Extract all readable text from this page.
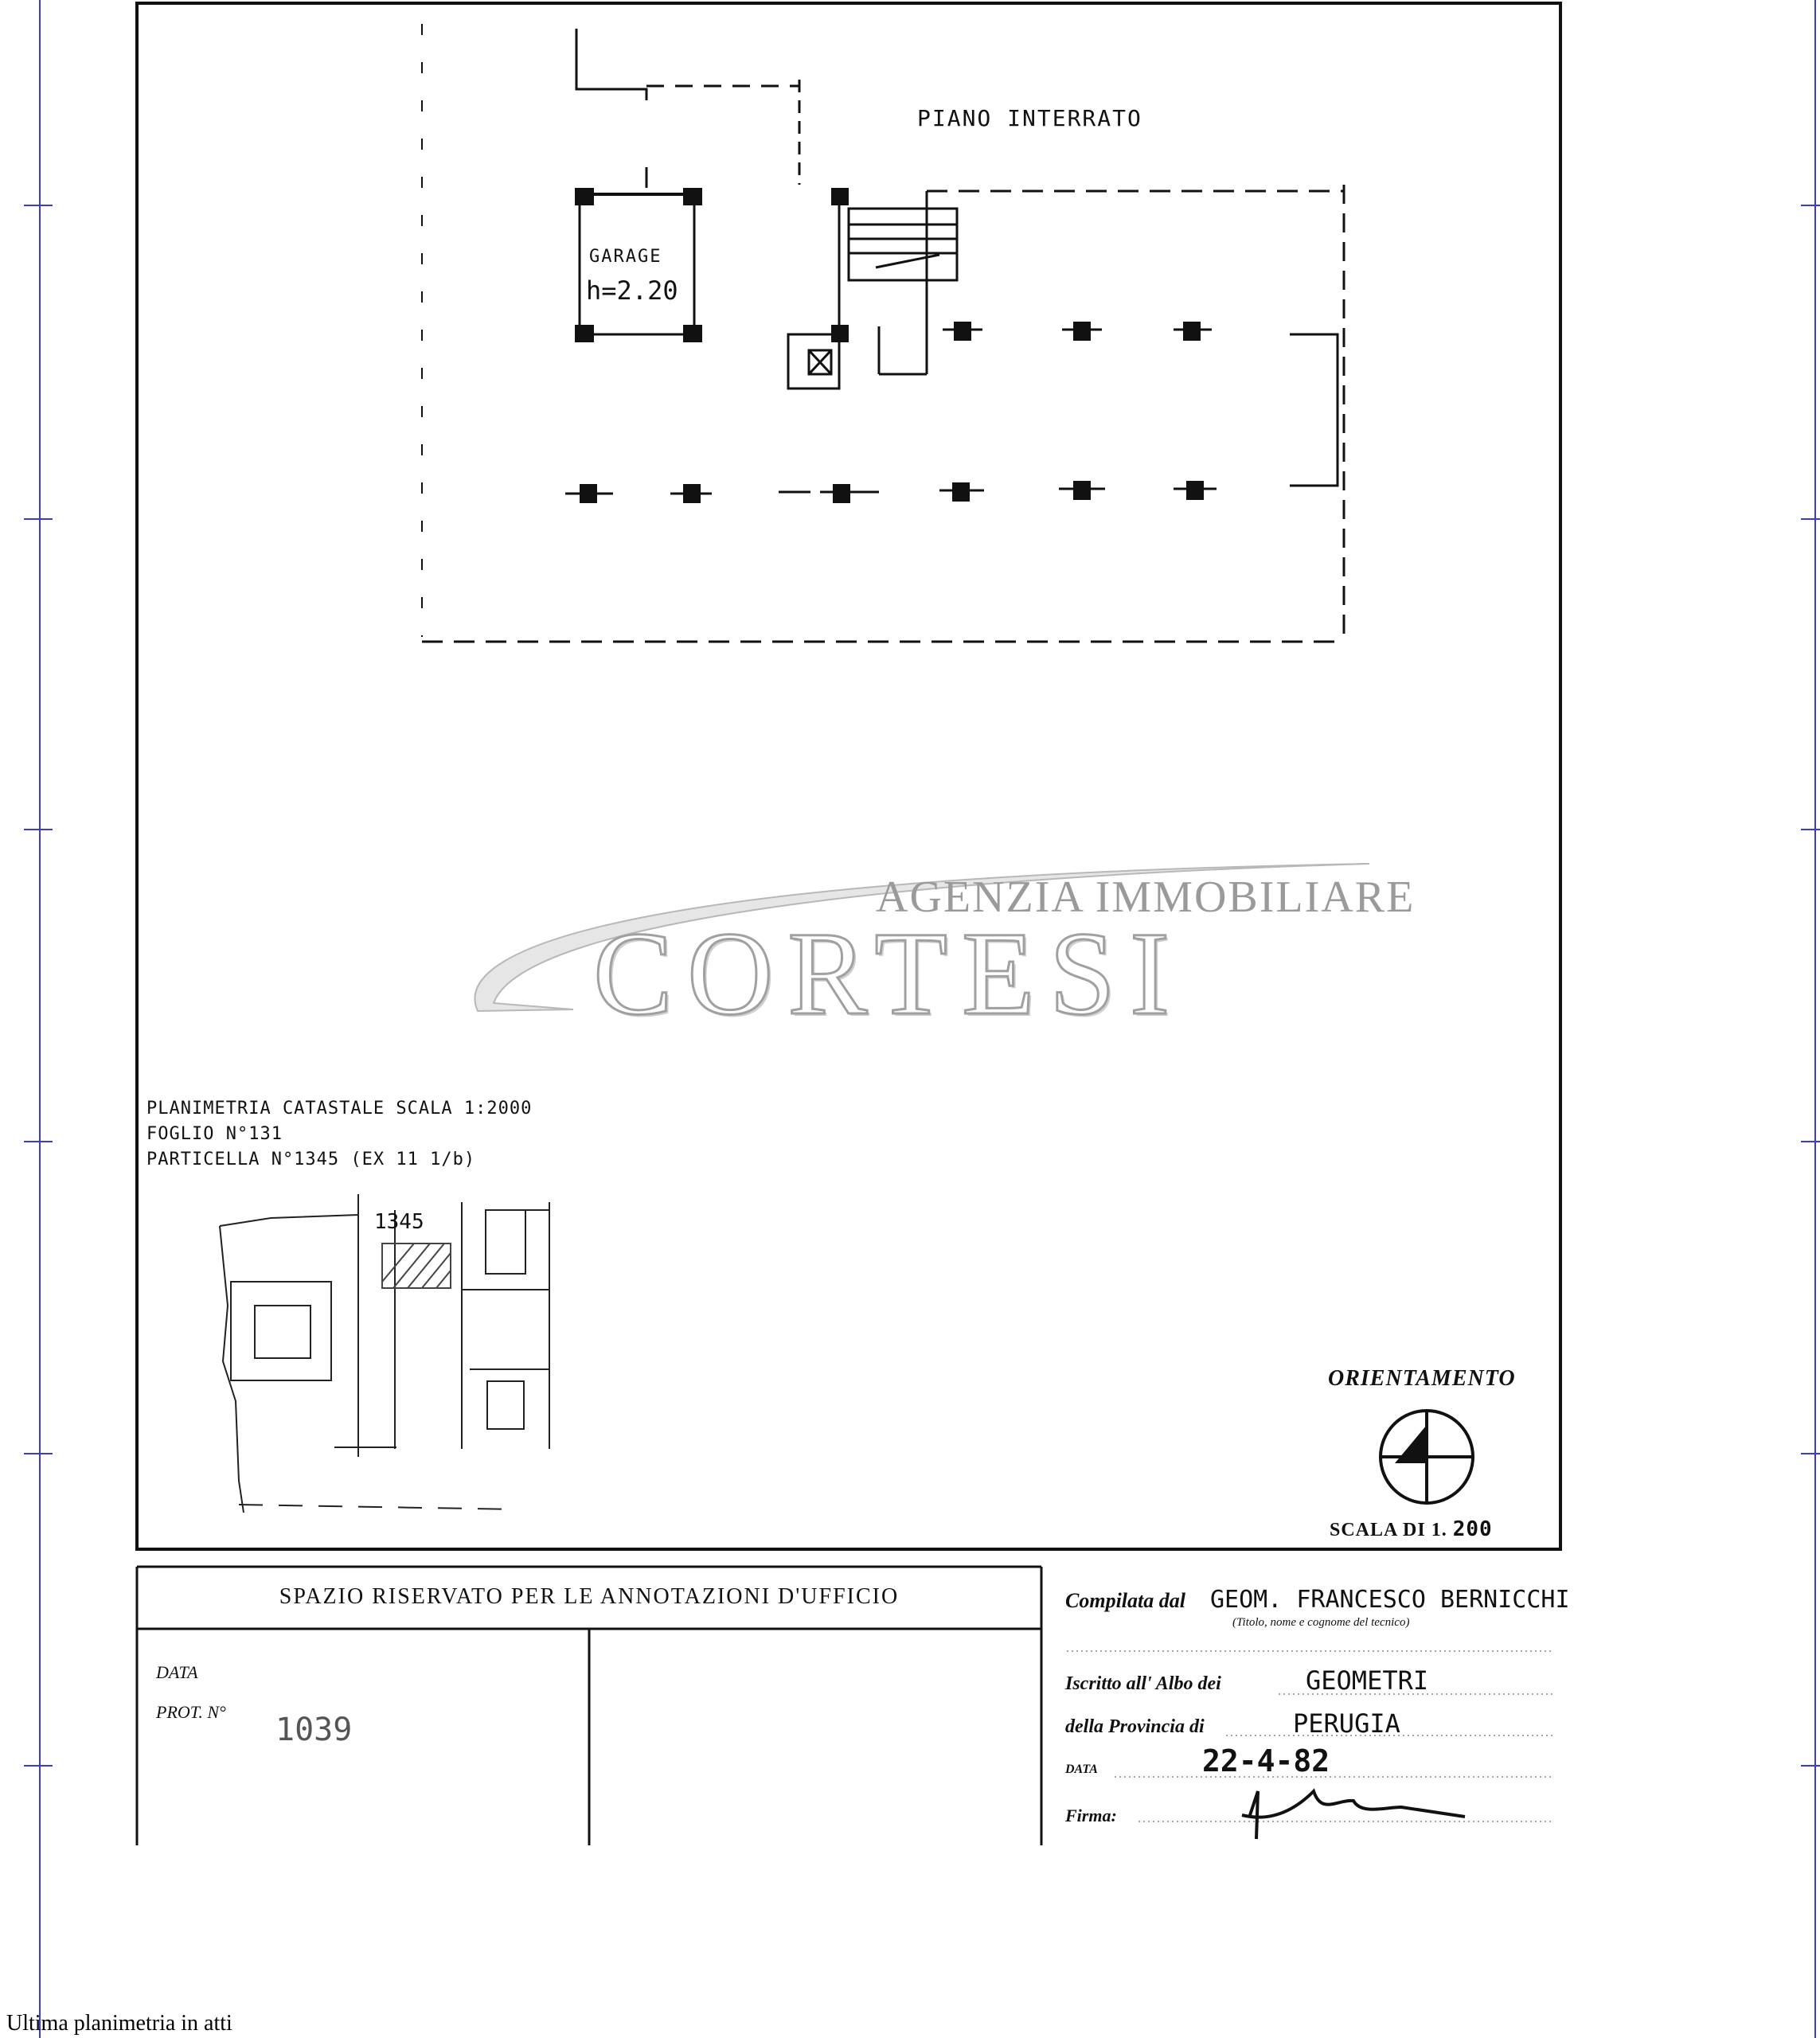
PIANO INTERRATO
GARAGE
h=2.20
AGENZIA IMMOBILIARE
CORTESI
PLANIMETRIA CATASTALE SCALA 1:2000
FOGLIO N°131
PARTICELLA N°1345 (EX 11 1/b)
1345
ORIENTAMENTO
SCALA DI 1. 200
SPAZIO RISERVATO PER LE ANNOTAZIONI D'UFFICIO
DATA
PROT. N° 1039
Compilata dal GEOM. FRANCESCO BERNICCHI
(Titolo, nome e cognome del tecnico)
Iscritto all' Albo dei	GEOMETRI
della Provincia di	PERUGIA
DATA	22-4-82
Firma:
Ultima planimetria in atti
